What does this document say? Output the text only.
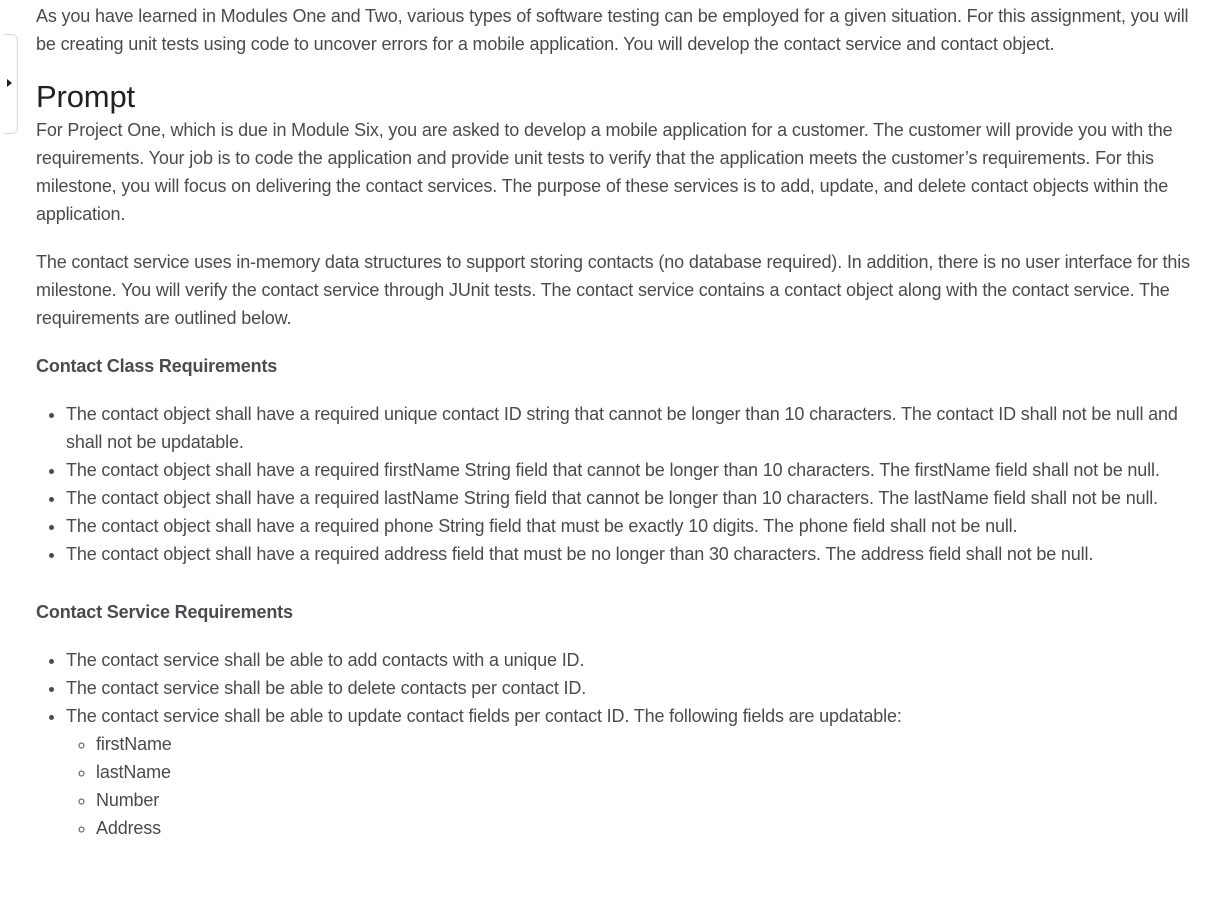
As you have learned in Modules One and Two, various types of software testing can be employed for a given situation. For this assignment, you will be creating unit tests using code to uncover errors for a mobile application. You will develop the contact service and contact object.

Prompt

For Project One, which is due in Module Six, you are asked to develop a mobile application for a customer. The customer will provide you with the requirements. Your job is to code the application and provide unit tests to verify that the application meets the customer’s requirements. For this milestone, you will focus on delivering the contact services. The purpose of these services is to add, update, and delete contact objects within the application.

The contact service uses in-memory data structures to support storing contacts (no database required). In addition, there is no user interface for this milestone. You will verify the contact service through JUnit tests. The contact service contains a contact object along with the contact service. The requirements are outlined below.

Contact Class Requirements
• The contact object shall have a required unique contact ID string that cannot be longer than 10 characters. The contact ID shall not be null and shall not be updatable.
• The contact object shall have a required firstName String field that cannot be longer than 10 characters. The firstName field shall not be null.
• The contact object shall have a required lastName String field that cannot be longer than 10 characters. The lastName field shall not be null.
• The contact object shall have a required phone String field that must be exactly 10 digits. The phone field shall not be null.
• The contact object shall have a required address field that must be no longer than 30 characters. The address field shall not be null.
Contact Service Requirements
• The contact service shall be able to add contacts with a unique ID.
• The contact service shall be able to delete contacts per contact ID.
• The contact service shall be able to update contact fields per contact ID. The following fields are updatable:
◦ firstName
◦ lastName
◦ Number
◦ Address
